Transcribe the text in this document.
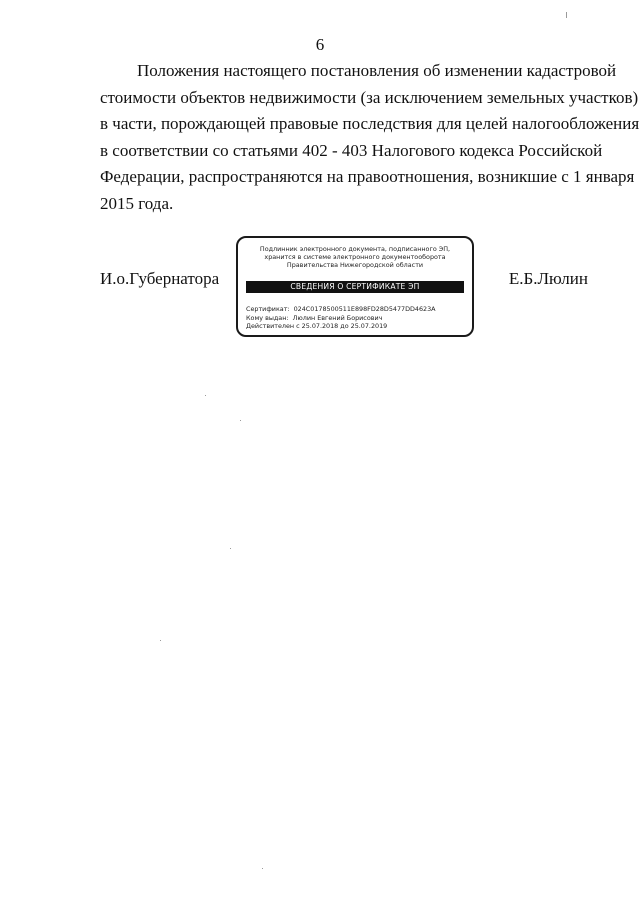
6
Положения настоящего постановления об изменении кадастровой
стоимости объектов недвижимости (за исключением земельных участков)
в части, порождающей правовые последствия для целей налогообложения
в соответствии со статьями 402 - 403 Налогового кодекса Российской
Федерации, распространяются на правоотношения, возникшие с 1 января
2015 года.
И.о.Губернатора
Подлинник электронного документа, подписанного ЭП,
хранится в системе электронного документооборота
Правительства Нижегородской области
СВЕДЕНИЯ О СЕРТИФИКАТЕ ЭП
Сертификат: 024C0178500511E898FD28D5477DD4623A
Кому выдан: Люлин Евгений Борисович
Действителен с 25.07.2018 до 25.07.2019
Е.Б.Люлин
